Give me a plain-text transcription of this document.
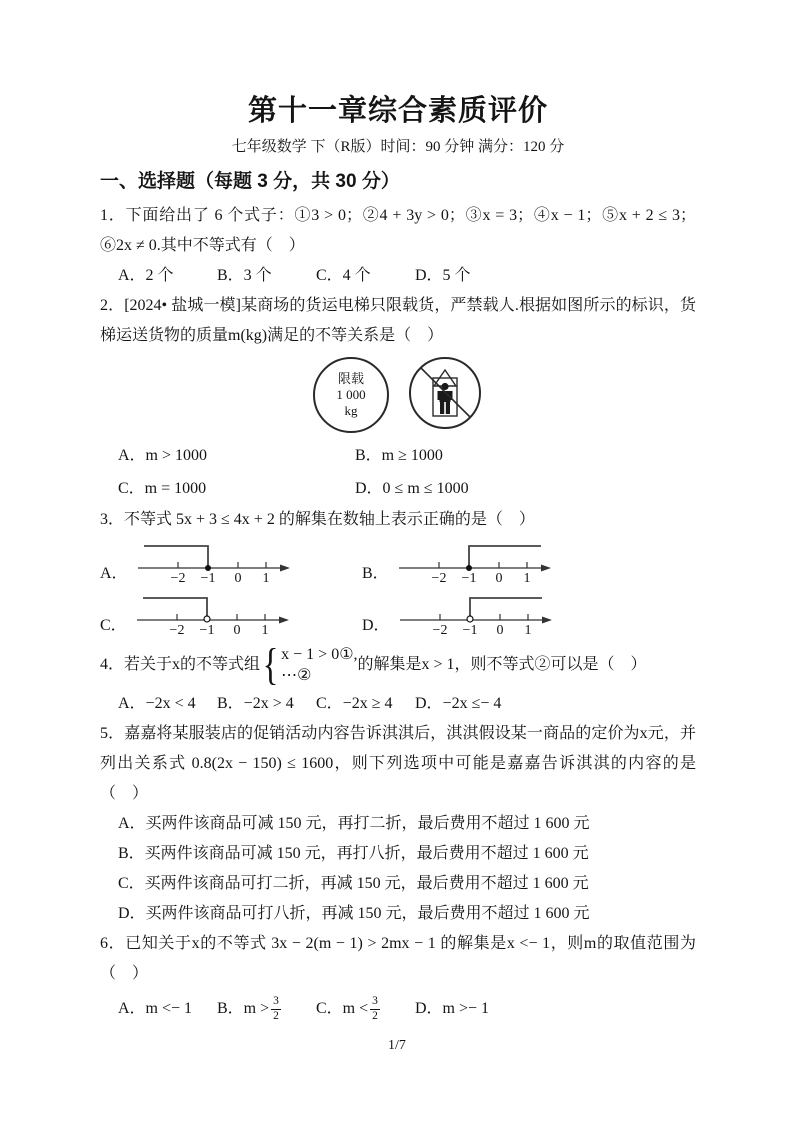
第十一章综合素质评价
七年级数学 下（R版）时间：90 分钟 满分：120 分
一、选择题（每题 3 分，共 30 分）

1．下面给出了 6 个式子：①3 > 0；②4 + 3y > 0；③x = 3；④x − 1；⑤x + 2 ≤ 3；⑥2x ≠ 0.其中不等式有（　）

A．2 个	B．3 个	C．4 个	D．5 个

2．[2024• 盐城一模]某商场的货运电梯只限载货，严禁载人.根据如图所示的标识，货梯运送货物的质量m(kg)满足的不等关系是（　）

限载
1 000
kg
A．m > 1000	B．m ≥ 1000
C．m = 1000	D．0 ≤ m ≤ 1000

3．不等式 5x + 3 ≤ 4x + 2 的解集在数轴上表示正确的是（　）

A．	−2 −1 0 1	B．	−2 −1 0 1
C．	−2 −1 0 1	D．	−2 −1 0 1
4．若关于x的不等式组 { x − 1 > 0①,
⋯②
的解集是x > 1，则不等式②可以是（　）
A．−2x < 4	B．−2x > 4	C．−2x ≥ 4	D．−2x ≤− 4

5．嘉嘉将某服装店的促销活动内容告诉淇淇后，淇淇假设某一商品的定价为x元，并列出关系式 0.8(2x − 150) ≤ 1600，则下列选项中可能是嘉嘉告诉淇淇的内容的是（　）

A．买两件该商品可减 150 元，再打二折，最后费用不超过 1 600 元

B．买两件该商品可减 150 元，再打八折，最后费用不超过 1 600 元

C．买两件该商品可打二折，再减 150 元，最后费用不超过 1 600 元

D．买两件该商品可打八折，再减 150 元，最后费用不超过 1 600 元

6．已知关于x的不等式 3x − 2(m − 1) > 2mx − 1 的解集是x <− 1，则m的取值范围为（　）

A．m <− 1	B．$m > \frac{3}{2}$ C．$m < \frac{3}{2}$ D．m >− 1
1/7
